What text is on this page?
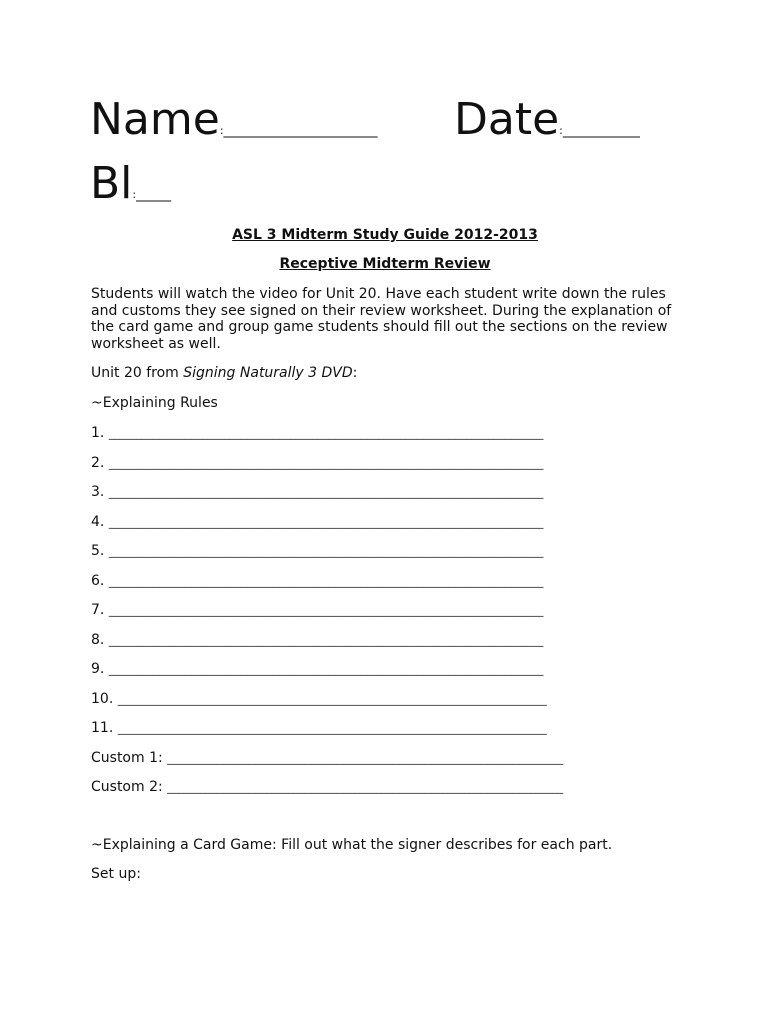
Name:______________________ Date:___________
Bl:_____
ASL 3 Midterm Study Guide 2012-2013
Receptive Midterm Review
Students will watch the video for Unit 20. Have each student write down the rules and customs they see signed on their review worksheet. During the explanation of the card game and group game students should fill out the sections on the review worksheet as well.
Unit 20 from Signing Naturally 3 DVD:
~Explaining Rules
1. _______________________________________________________________________________
2. _______________________________________________________________________________
3. _______________________________________________________________________________
4. _______________________________________________________________________________
5. _______________________________________________________________________________
6. _______________________________________________________________________________
7. _______________________________________________________________________________
8. _______________________________________________________________________________
9. _______________________________________________________________________________
10. ______________________________________________________________________________
11. ______________________________________________________________________________
Custom 1: ________________________________________________________________________
Custom 2: ________________________________________________________________________
~Explaining a Card Game: Fill out what the signer describes for each part.
Set up:
